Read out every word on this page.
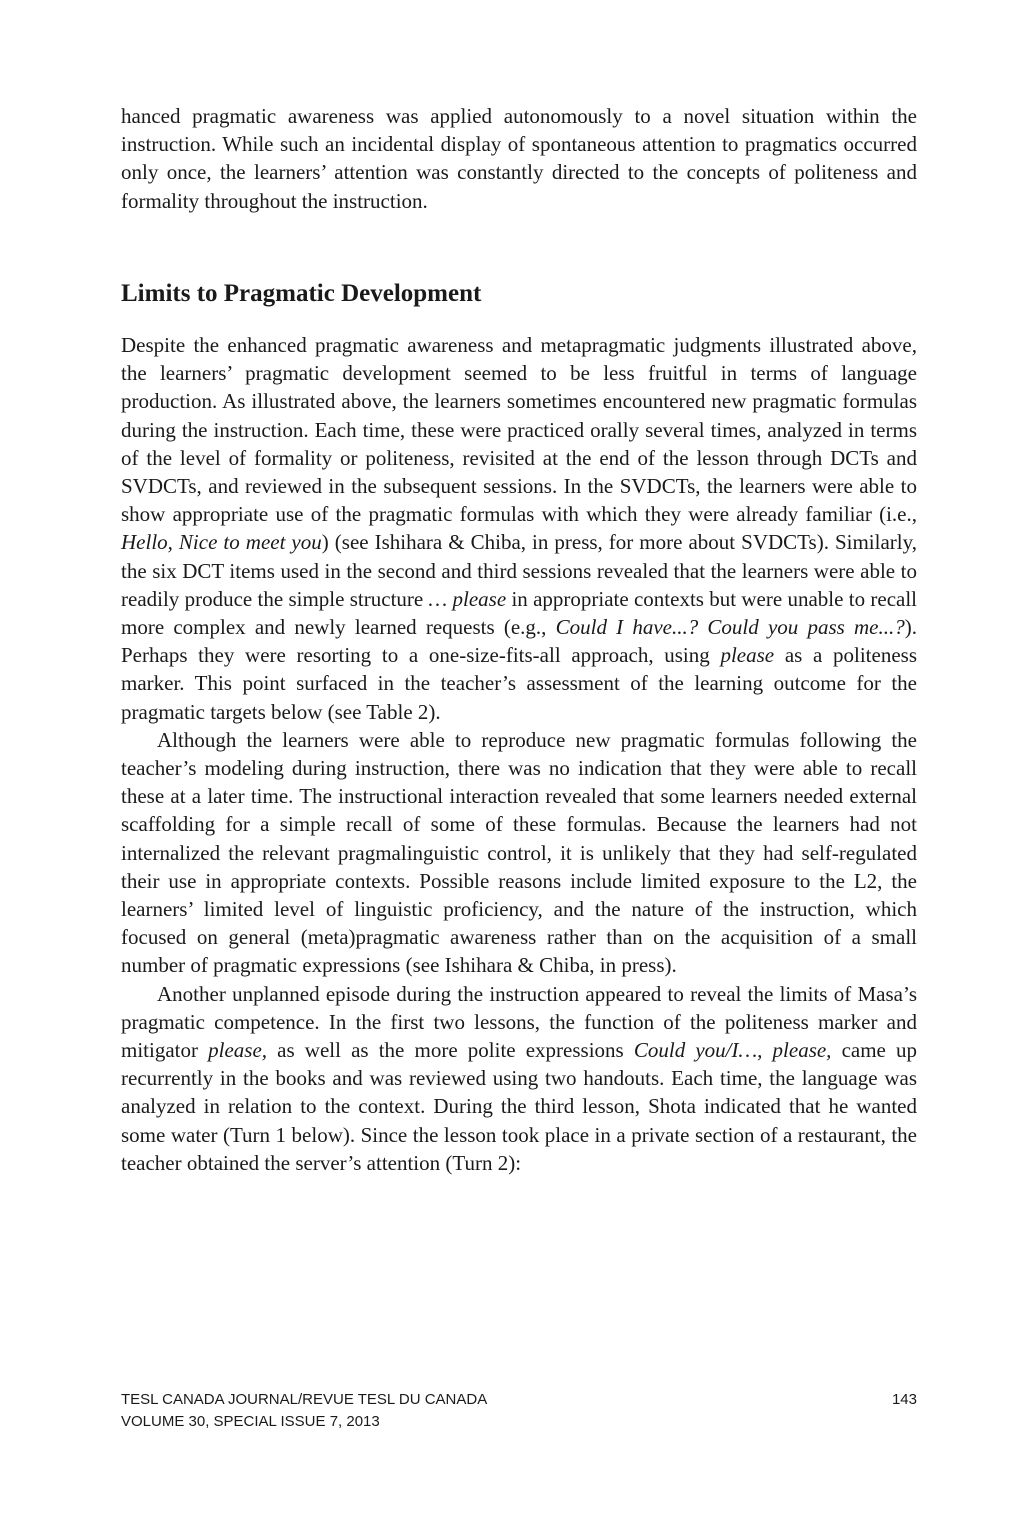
hanced pragmatic awareness was applied autonomously to a novel situation within the instruction. While such an incidental display of spontaneous attention to pragmatics occurred only once, the learners’ attention was constantly directed to the concepts of politeness and formality throughout the instruction.

Limits to Pragmatic Development

Despite the enhanced pragmatic awareness and metapragmatic judgments illustrated above, the learners’ pragmatic development seemed to be less fruitful in terms of language production. As illustrated above, the learners sometimes encountered new pragmatic formulas during the instruction. Each time, these were practiced orally several times, analyzed in terms of the level of formality or politeness, revisited at the end of the lesson through DCTs and SVDCTs, and reviewed in the subsequent sessions. In the SVDCTs, the learners were able to show appropriate use of the pragmatic formulas with which they were already familiar (i.e., Hello, Nice to meet you) (see Ishihara & Chiba, in press, for more about SVDCTs). Similarly, the six DCT items used in the second and third sessions revealed that the learners were able to readily produce the simple structure … please in appropriate contexts but were unable to recall more complex and newly learned requests (e.g., Could I have...? Could you pass me...?). Perhaps they were resorting to a one-size-fits-all approach, using please as a politeness marker. This point surfaced in the teacher’s assessment of the learning outcome for the pragmatic targets below (see Table 2).

Although the learners were able to reproduce new pragmatic formulas following the teacher’s modeling during instruction, there was no indication that they were able to recall these at a later time. The instructional interaction revealed that some learners needed external scaffolding for a simple recall of some of these formulas. Because the learners had not internalized the relevant pragmalinguistic control, it is unlikely that they had self-regulated their use in appropriate contexts. Possible reasons include limited exposure to the L2, the learners’ limited level of linguistic proficiency, and the nature of the instruction, which focused on general (meta)pragmatic awareness rather than on the acquisition of a small number of pragmatic expressions (see Ishihara & Chiba, in press).

Another unplanned episode during the instruction appeared to reveal the limits of Masa’s pragmatic competence. In the first two lessons, the function of the politeness marker and mitigator please, as well as the more polite expressions Could you/I…, please, came up recurrently in the books and was reviewed using two handouts. Each time, the language was analyzed in relation to the context. During the third lesson, Shota indicated that he wanted some water (Turn 1 below). Since the lesson took place in a private section of a restaurant, the teacher obtained the server’s attention (Turn 2):

TESL CANADA JOURNAL/REVUE TESL DU CANADA	143
VOLUME 30, SPECIAL ISSUE 7, 2013
